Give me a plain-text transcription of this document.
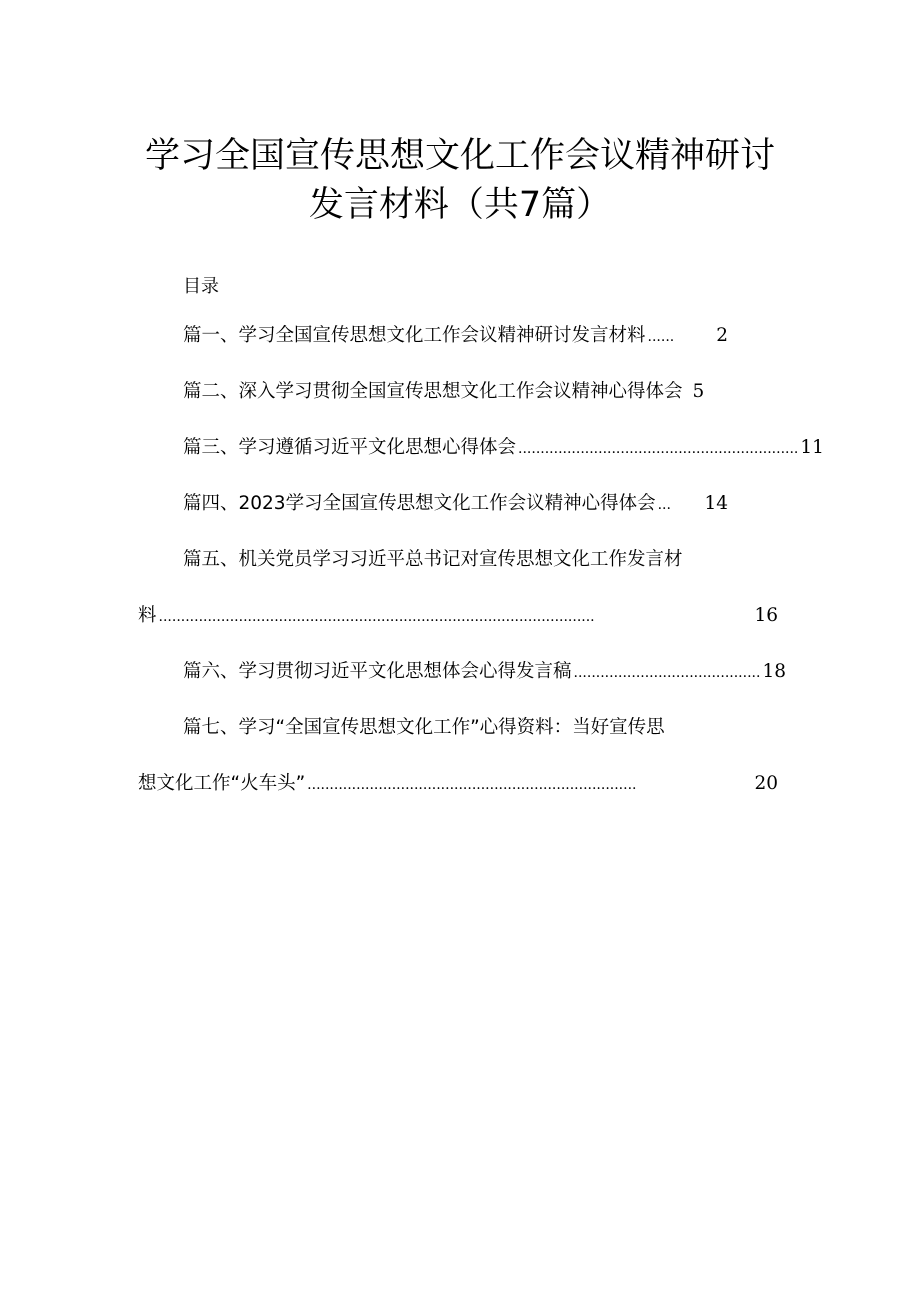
学习全国宣传思想文化工作会议精神研讨
发言材料（共7篇）
目录
篇一、学习全国宣传思想文化工作会议精神研讨发言材料 ......	2
篇二、深入学习贯彻全国宣传思想文化工作会议精神心得体会 5
篇三、学习遵循习近平文化思想心得体会 ............................................................... 11
篇四、2023学习全国宣传思想文化工作会议精神心得体会 ...	14
篇五、机关党员学习习近平总书记对宣传思想文化工作发言材
料 ..................................................................................................	16
篇六、学习贯彻习近平文化思想体会心得发言稿 .......................................... 18
篇七、学习“全国宣传思想文化工作”心得资料：当好宣传思
想文化工作“火车头” ..........................................................................	20
